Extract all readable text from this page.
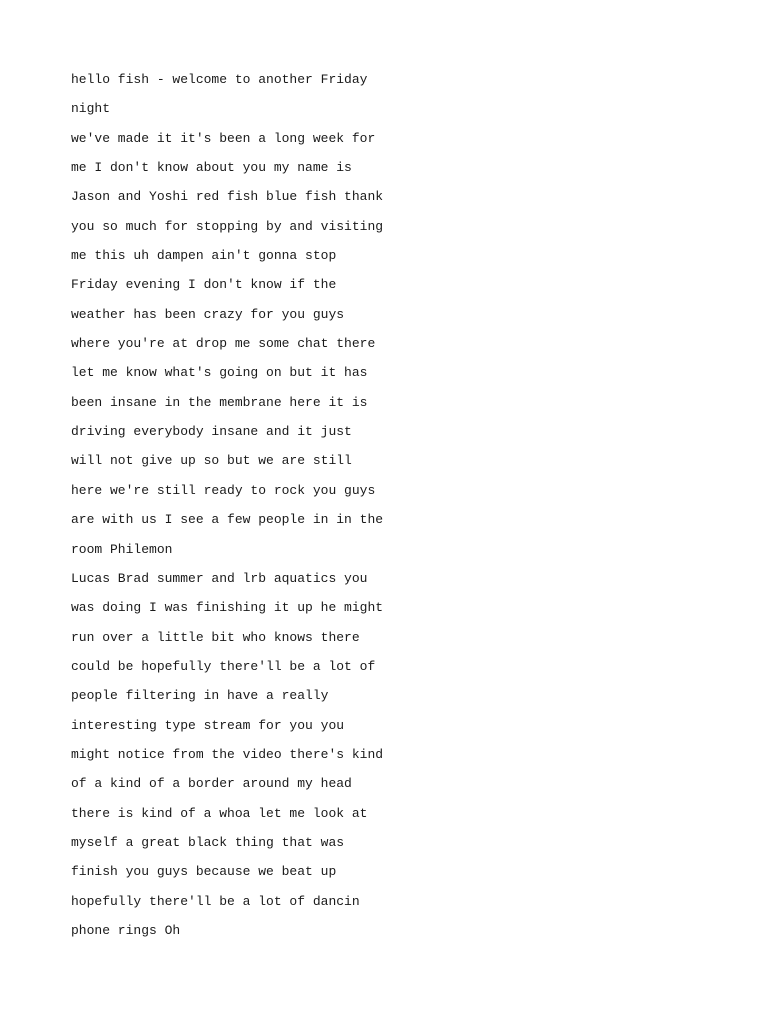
hello fish - welcome to another Friday
night
we've made it it's been a long week for
me I don't know about you my name is
Jason and Yoshi red fish blue fish thank
you so much for stopping by and visiting
me this uh dampen ain't gonna stop
Friday evening I don't know if the
weather has been crazy for you guys
where you're at drop me some chat there
let me know what's going on but it has
been insane in the membrane here it is
driving everybody insane and it just
will not give up so but we are still
here we're still ready to rock you guys
are with us I see a few people in in the
room Philemon
Lucas Brad summer and lrb aquatics you
was doing I was finishing it up he might
run over a little bit who knows there
could be hopefully there'll be a lot of
people filtering in have a really
interesting type stream for you you
might notice from the video there's kind
of a kind of a border around my head
there is kind of a whoa let me look at
myself a great black thing that was
finish you guys because we beat up
hopefully there'll be a lot of dancin
phone rings Oh
